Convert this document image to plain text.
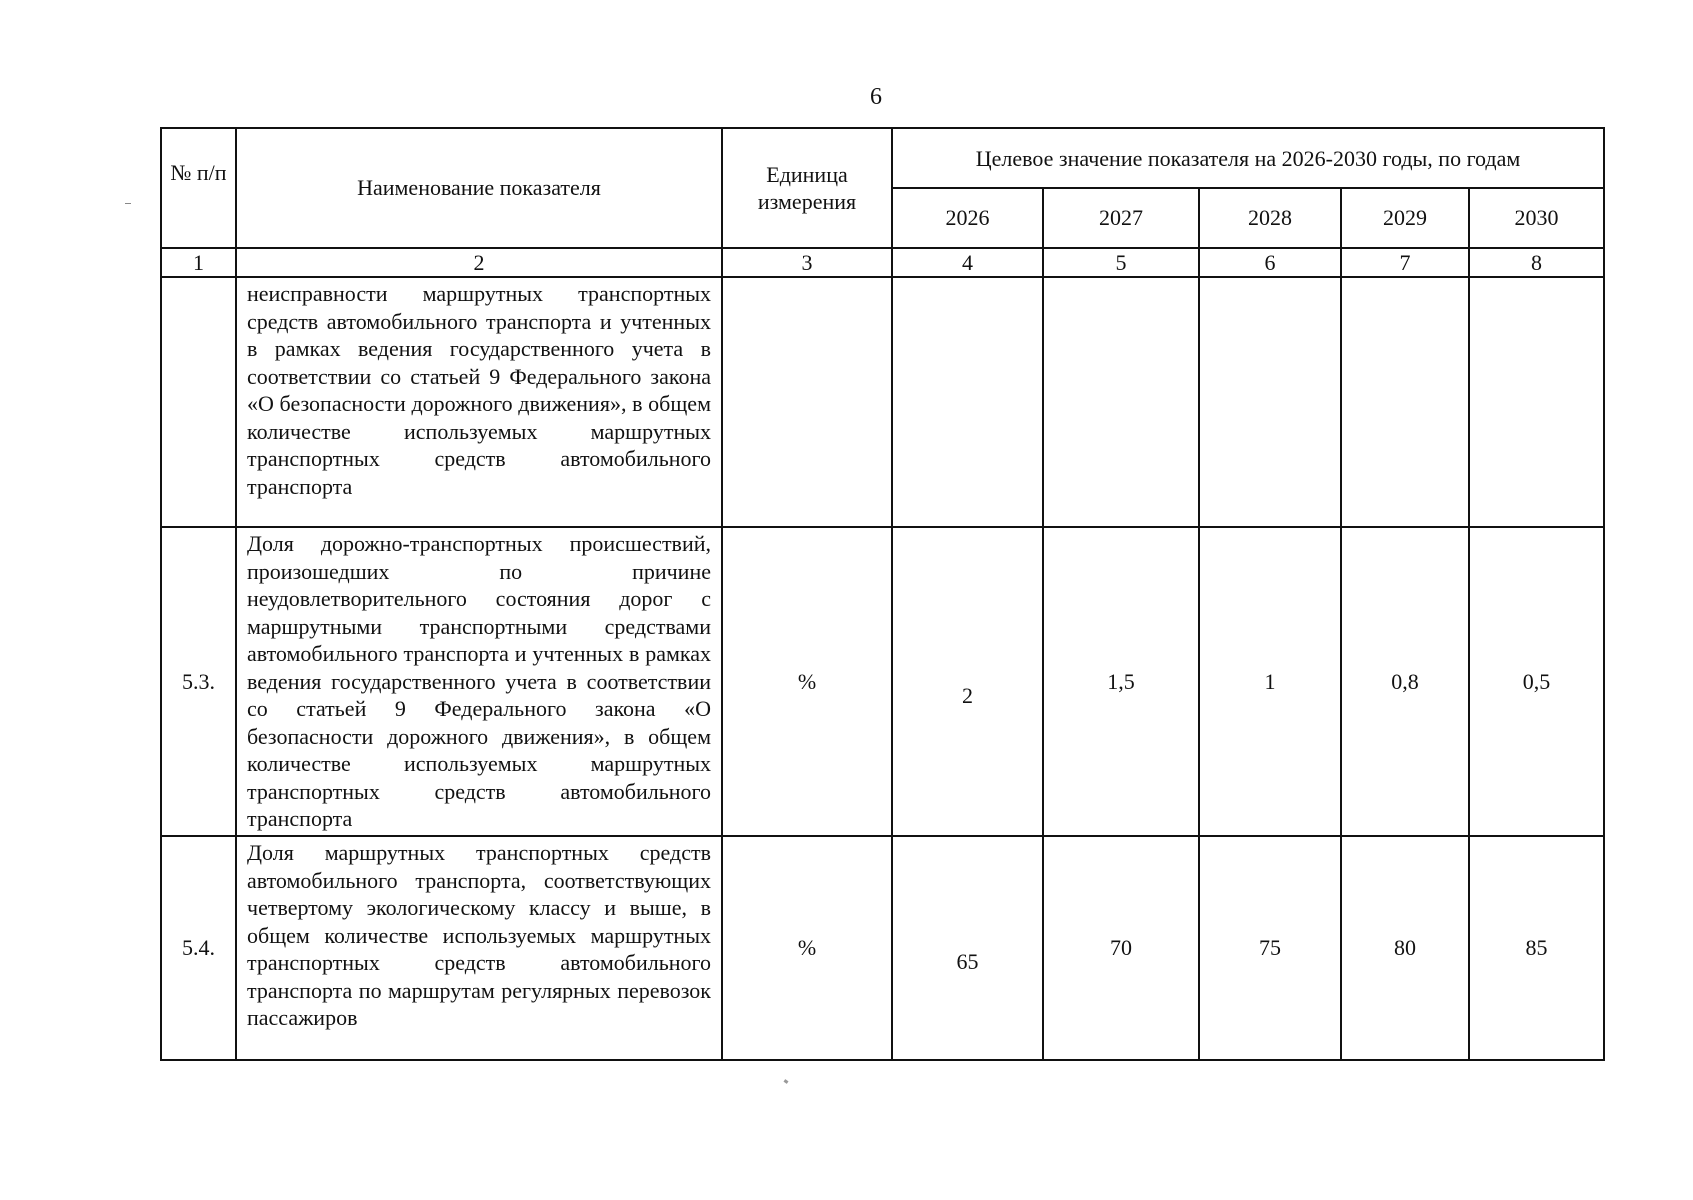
6
№ п/п	Наименование показателя	Единица измерения	Целевое значение показателя на 2026-2030 годы, по годам				
			2026	2027	2028	2029	2030
1	2	3	4	5	6	7	8
	неисправности маршрутных транспортных средств автомобильного транспорта и учтенных в рамках ведения государственного учета в соответствии со статьей 9 Федерального закона «О безопасности дорожного движения», в общем количестве используемых маршрутных транспортных средств автомобильного транспорта						
5.3.	Доля дорожно-транспортных происшествий, произошедших по причине неудовлетворительного состояния дорог с маршрутными транспортными средствами автомобильного транспорта и учтенных в рамках ведения государственного учета в соответствии со статьей 9 Федерального закона «О безопасности дорожного движения», в общем количестве используемых маршрутных транспортных средств автомобильного транспорта	%	2	1,5	1	0,8	0,5
5.4.	Доля маршрутных транспортных средств автомобильного транспорта, соответствующих четвертому экологическому классу и выше, в общем количестве используемых маршрутных транспортных средств автомобильного транспорта по маршрутам регулярных перевозок пассажиров	%	65	70	75	80	85
